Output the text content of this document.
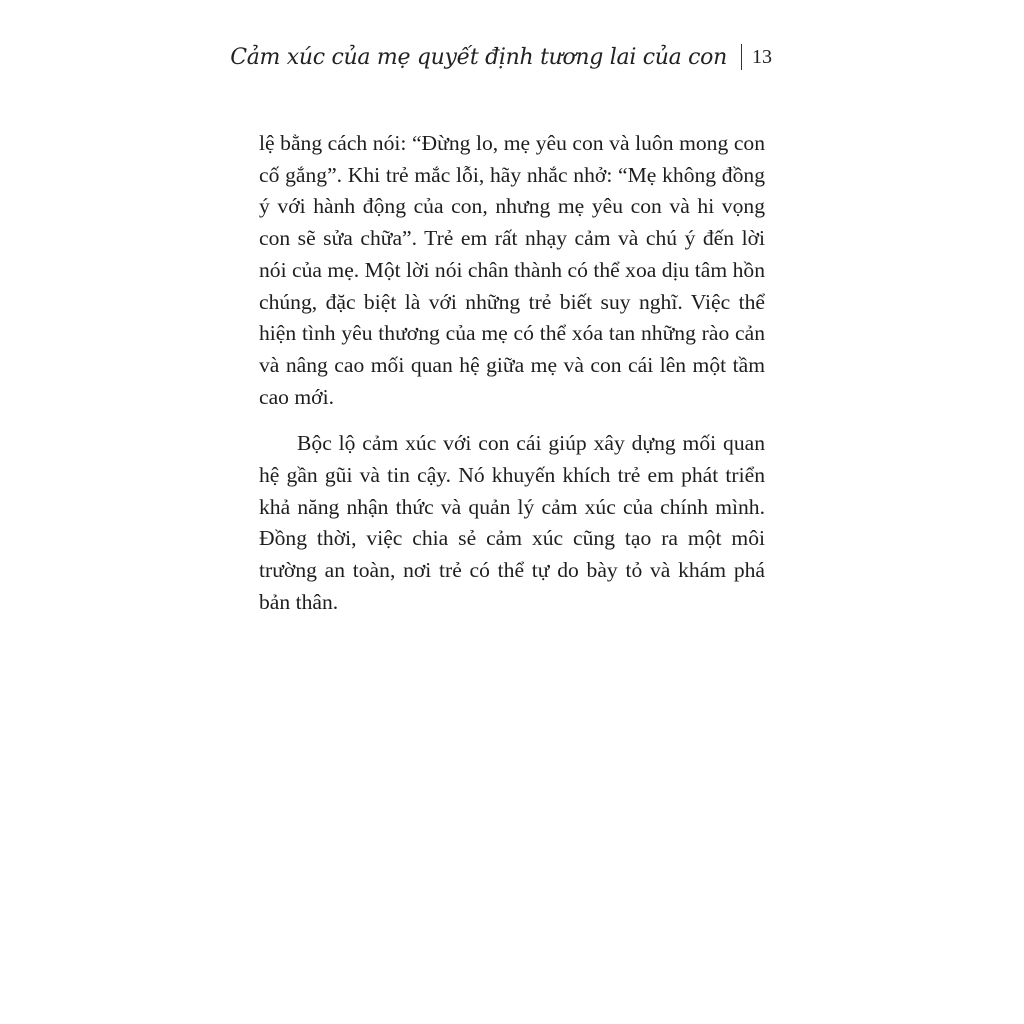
Cảm xúc của mẹ quyết định tương lai của con 13

lệ bằng cách nói: “Đừng lo, mẹ yêu con và luôn mong con cố gắng”. Khi trẻ mắc lỗi, hãy nhắc nhở: “Mẹ không đồng ý với hành động của con, nhưng mẹ yêu con và hi vọng con sẽ sửa chữa”. Trẻ em rất nhạy cảm và chú ý đến lời nói của mẹ. Một lời nói chân thành có thể xoa dịu tâm hồn chúng, đặc biệt là với những trẻ biết suy nghĩ. Việc thể hiện tình yêu thương của mẹ có thể xóa tan những rào cản và nâng cao mối quan hệ giữa mẹ và con cái lên một tầm cao mới.

Bộc lộ cảm xúc với con cái giúp xây dựng mối quan hệ gần gũi và tin cậy. Nó khuyến khích trẻ em phát triển khả năng nhận thức và quản lý cảm xúc của chính mình. Đồng thời, việc chia sẻ cảm xúc cũng tạo ra một môi trường an toàn, nơi trẻ có thể tự do bày tỏ và khám phá bản thân.
